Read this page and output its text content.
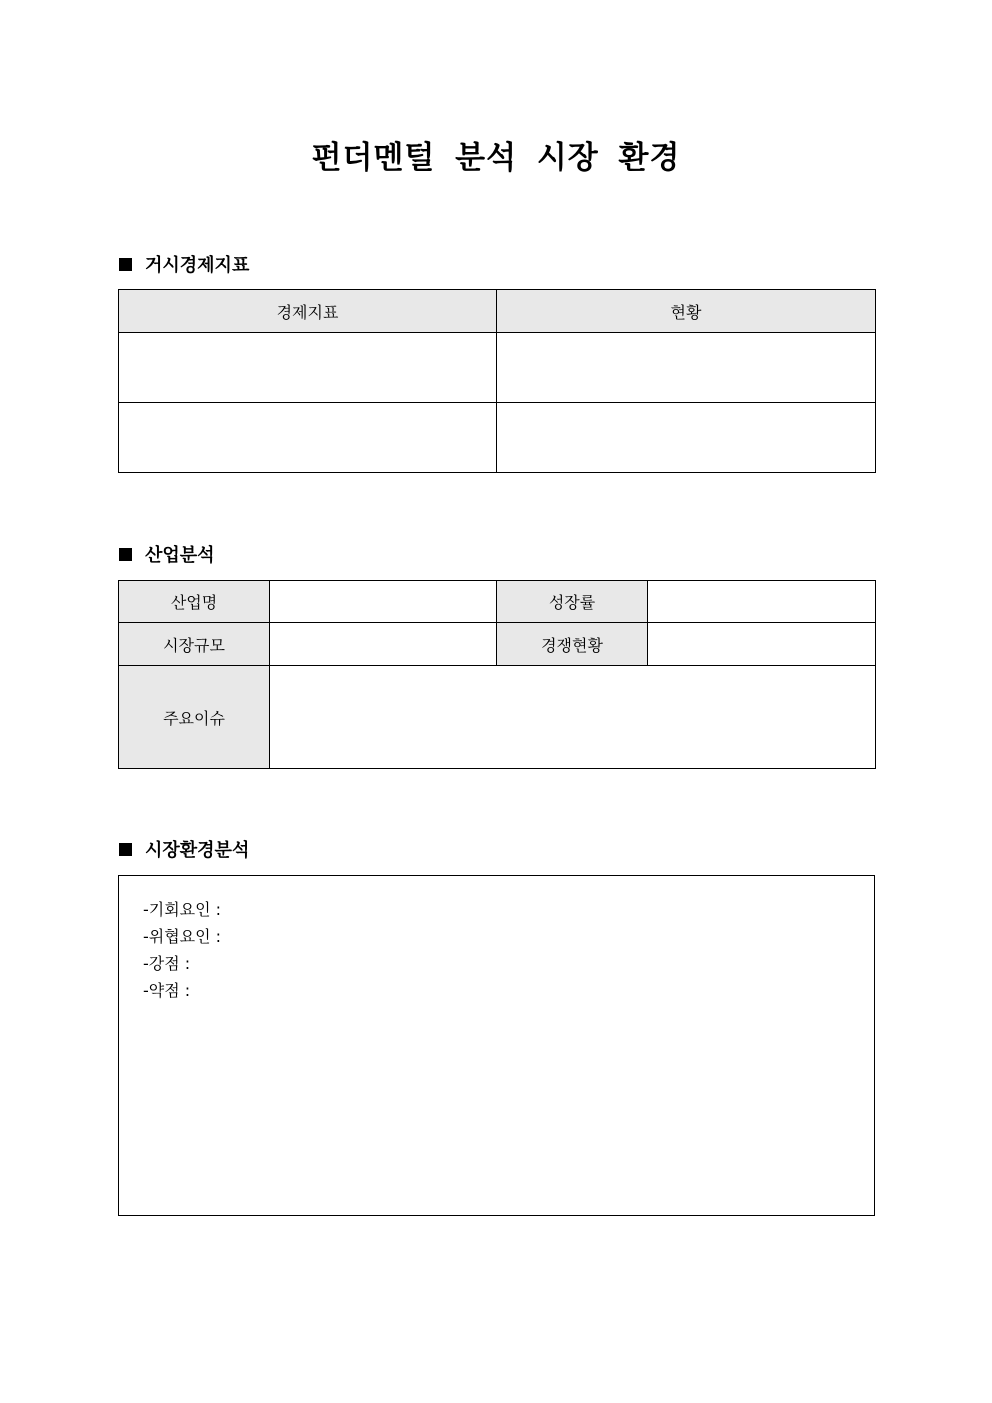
펀더멘털 분석 시장 환경
거시경제지표
경제지표	현황

산업분석
산업명		성장률	
시장규모		경쟁현황	
주요이슈			
시장환경분석
-기회요인 :
-위협요인 :
-강점 :
-약점 :
